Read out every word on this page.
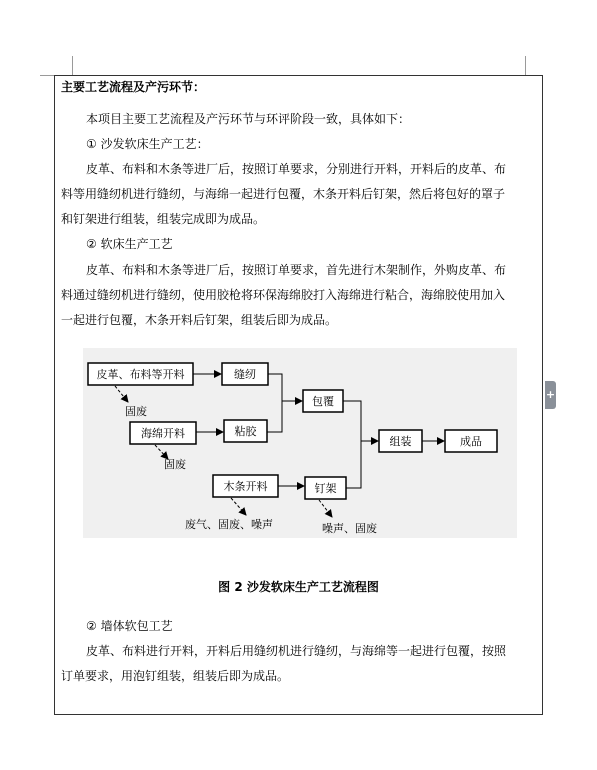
+
主要工艺流程及产污环节：
本项目主要工艺流程及产污环节与环评阶段一致，具体如下：
① 沙发软床生产工艺：
皮革、布料和木条等进厂后，按照订单要求，分别进行开料，开料后的皮革、布
料等用缝纫机进行缝纫，与海绵一起进行包覆，木条开料后钉架，然后将包好的罩子
和钉架进行组装，组装完成即为成品。
② 软床生产工艺
皮革、布料和木条等进厂后，按照订单要求，首先进行木架制作，外购皮革、布
料通过缝纫机进行缝纫，使用胶枪将环保海绵胶打入海绵进行粘合，海绵胶使用加入
一起进行包覆，木条开料后钉架，组装后即为成品。
皮革、布料等开料	缝纫
海绵开料	粘胶
包覆
木条开料	钉架
组装	成品
固废
固废
废气、固废、噪声	噪声、固废
图 2 沙发软床生产工艺流程图
② 墙体软包工艺
皮革、布料进行开料，开料后用缝纫机进行缝纫，与海绵等一起进行包覆，按照
订单要求，用泡钉组装，组装后即为成品。
